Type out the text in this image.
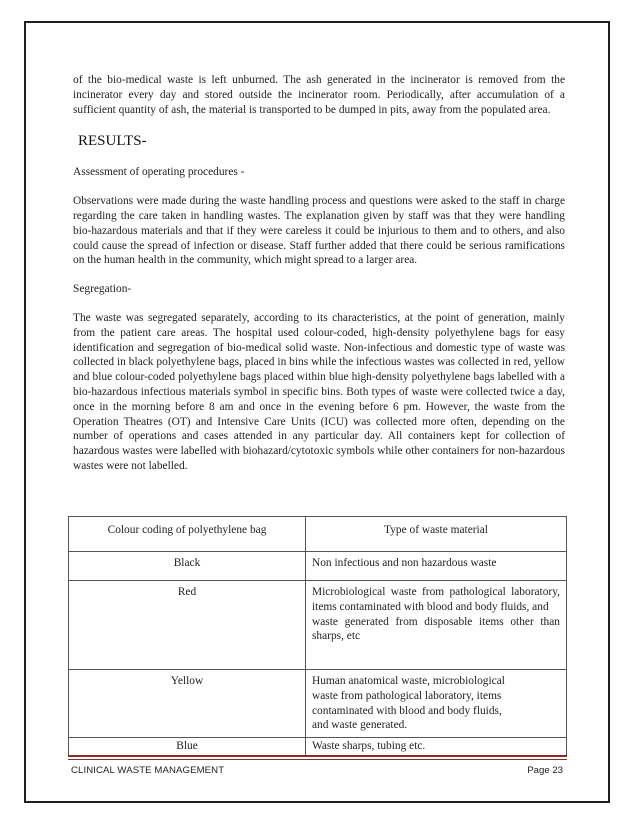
of the bio-medical waste is left unburned. The ash generated in the incinerator is removed from the incinerator every day and stored outside the incinerator room. Periodically, after accumulation of a sufficient quantity of ash, the material is transported to be dumped in pits, away from the populated area.

RESULTS-

Assessment of operating procedures -

Observations were made during the waste handling process and questions were asked to the staff in charge regarding the care taken in handling wastes. The explanation given by staff was that they were handling bio-hazardous materials and that if they were careless it could be injurious to them and to others, and also could cause the spread of infection or disease. Staff further added that there could be serious ramifications on the human health in the community, which might spread to a larger area.

Segregation-

The waste was segregated separately, according to its characteristics, at the point of generation, mainly from the patient care areas. The hospital used colour-coded, high-density polyethylene bags for easy identification and segregation of bio-medical solid waste. Non-infectious and domestic type of waste was collected in black polyethylene bags, placed in bins while the infectious wastes was collected in red, yellow and blue colour-coded polyethylene bags placed within blue high-density polyethylene bags labelled with a bio-hazardous infectious materials symbol in specific bins. Both types of waste were collected twice a day, once in the morning before 8 am and once in the evening before 6 pm. However, the waste from the Operation Theatres (OT) and Intensive Care Units (ICU) was collected more often, depending on the number of operations and cases attended in any particular day. All containers kept for collection of hazardous wastes were labelled with biohazard/cytotoxic symbols while other containers for non-hazardous wastes were not labelled.

Colour coding of polyethylene bag	Type of waste material
Black	Non infectious and non hazardous waste
Red	Microbiological waste from pathological laboratory, items contaminated with blood and body fluids, and
waste generated from disposable items other than sharps, etc

Yellow	Human anatomical waste, microbiological
waste from pathological laboratory, items
contaminated with blood and body fluids,
and waste generated.

Blue	Waste sharps, tubing etc.
CLINICAL WASTE MANAGEMENT	Page 23
